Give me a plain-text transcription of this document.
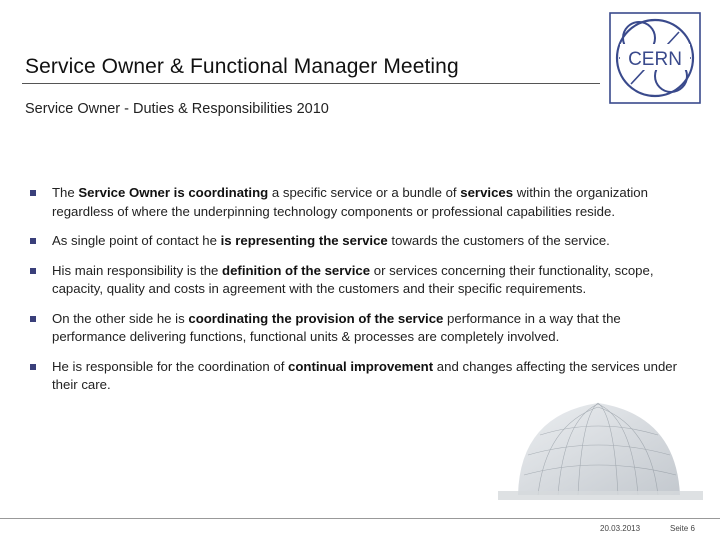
Service Owner & Functional Manager Meeting	CERN
Service Owner - Duties & Responsibilities 2010
The Service Owner is coordinating a specific service or a bundle of services within the organization regardless of where the underpinning technology components or professional capabilities reside.
As single point of contact he is representing the service towards the customers of the service.
His main responsibility is the definition of the service or services concerning their functionality, scope, capacity, quality and costs in agreement with the customers and their specific requirements.
On the other side he is coordinating the provision of the service performance in a way that the performance delivering functions, functional units & processes are completely involved.
He is responsible for the coordination of continual improvement and changes affecting the services under their care.
20.03.2013	Seite 6
